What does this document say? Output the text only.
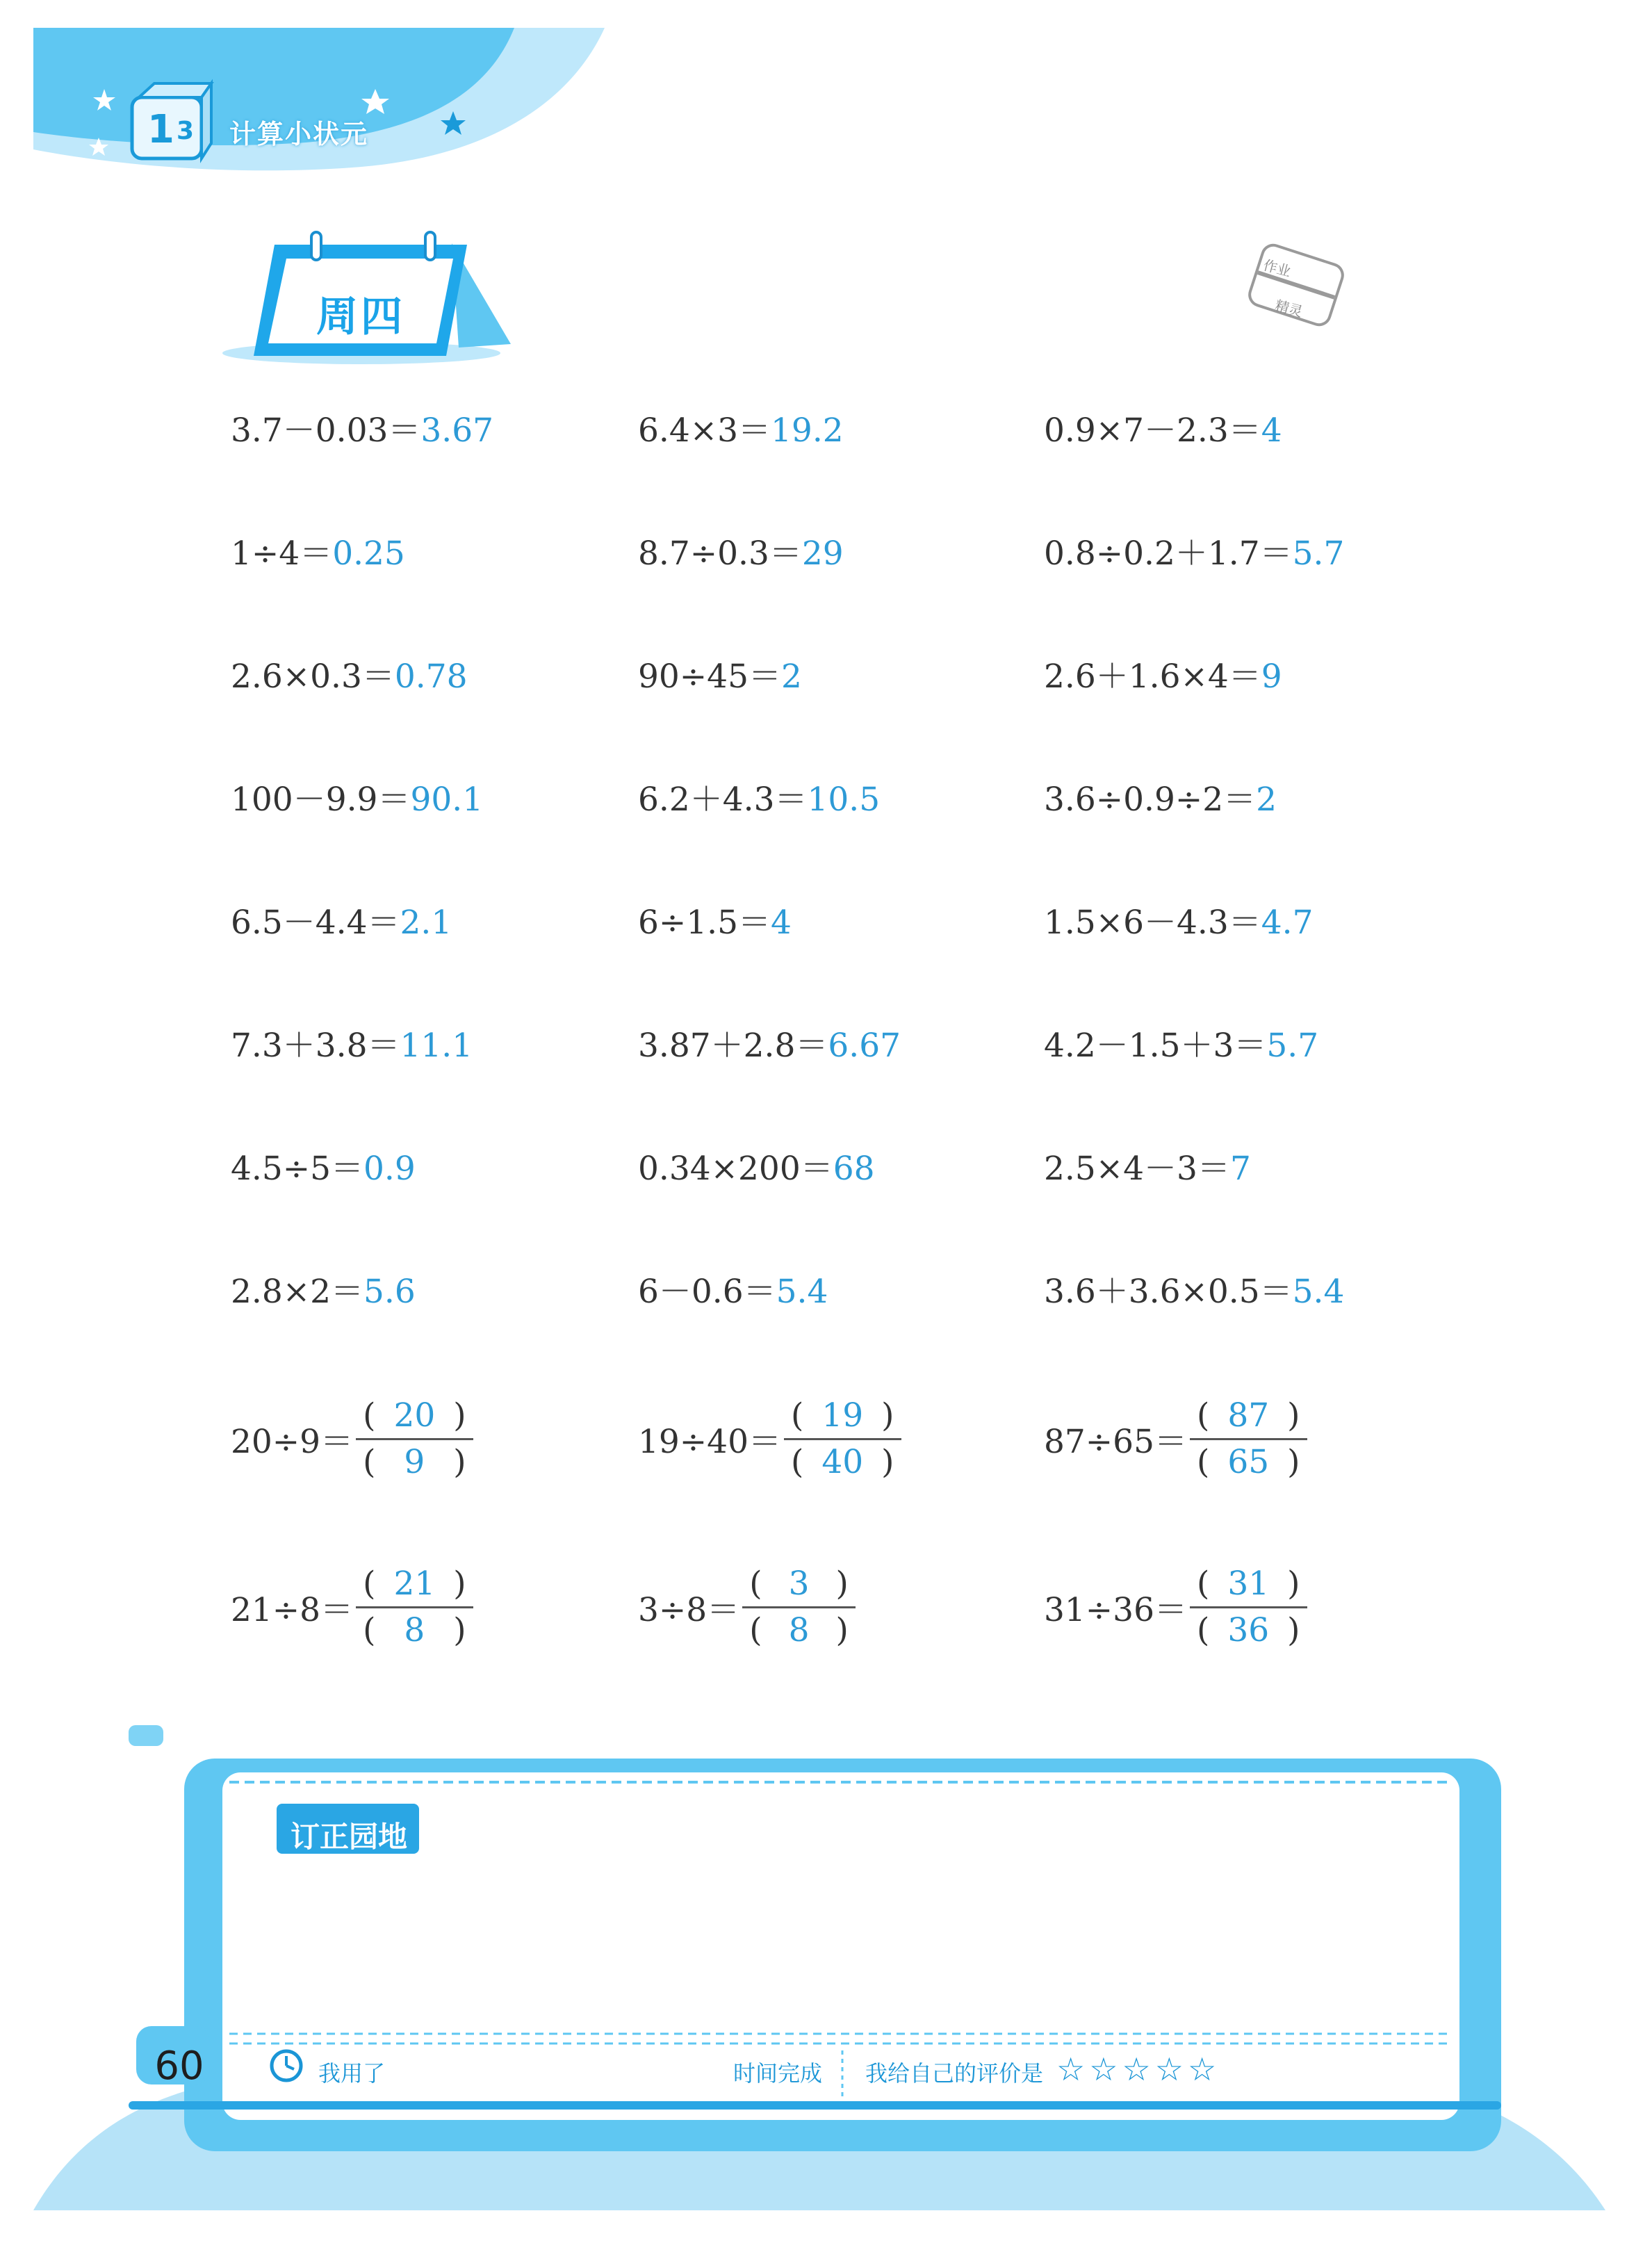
1 3 计算小状元
周四
作业
精灵
3.7－0.03＝3.67	6.4×3＝19.2	0.9×7－2.3＝4
1÷4＝0.25	8.7÷0.3＝29	0.8÷0.2＋1.7＝5.7
2.6×0.3＝0.78	90÷45＝2	2.6＋1.6×4＝9
100－9.9＝90.1	6.2＋4.3＝10.5	3.6÷0.9÷2＝2
6.5－4.4＝2.1	6÷1.5＝4	1.5×6－4.3＝4.7
7.3＋3.8＝11.1	3.87＋2.8＝6.67	4.2－1.5＋3＝5.7
4.5÷5＝0.9	0.34×200＝68	2.5×4－3＝7
2.8×2＝5.6	6－0.6＝5.4	3.6＋3.6×0.5＝5.4
$20\div 9= \frac{( 20 )}{( 9 )}$	$19\div 40= \frac{( 19 )}{( 40 )}$	$87\div 65= \frac{( 87 )}{( 65 )}$
$21\div 8= \frac{( 21 )}{( 8 )}$	$3\div 8= \frac{( 3 )}{( 8 )}$	$31\div 36= \frac{( 31 )}{( 36 )}$
订正园地
60	我用了	时间完成 我给自己的评价是 ☆☆☆☆☆
